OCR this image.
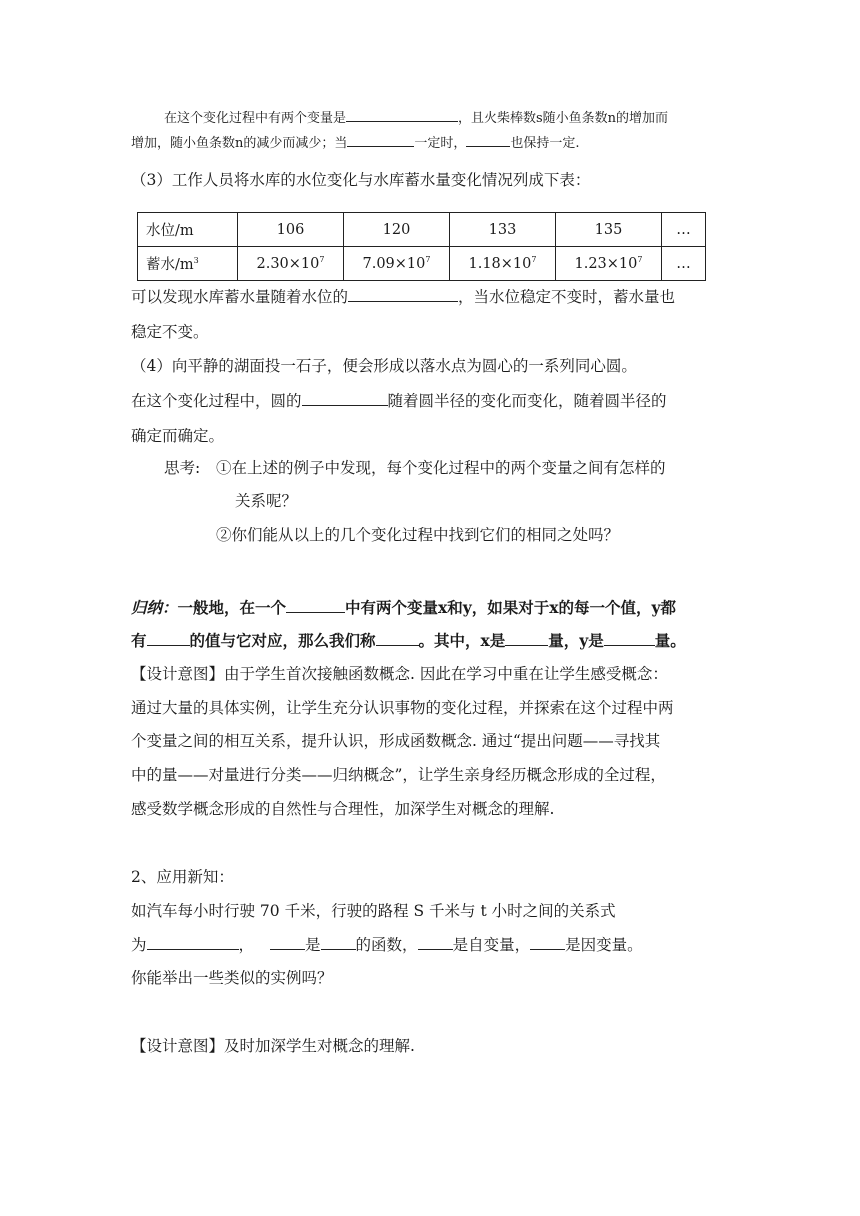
在这个变化过程中有两个变量是	，且火柴棒数s随小鱼条数n的增加而
增加，随小鱼条数n的减少而减少；当	一定时，	也保持一定.
（3）工作人员将水库的水位变化与水库蓄水量变化情况列成下表：
水位/m	106	120	133	135	…
蓄水$/m^3$	$2.30\times 10^7$	$7.09\times 10^7$	$1.18\times 10^7$	$1.23\times 10^7$	…
可以发现水库蓄水量随着水位的	，当水位稳定不变时，蓄水量也
稳定不变。
（4）向平静的湖面投一石子，便会形成以落水点为圆心的一系列同心圆。
在这个变化过程中，圆的	随着圆半径的变化而变化，随着圆半径的
确定而确定。
思考: ①在上述的例子中发现，每个变化过程中的两个变量之间有怎样的
关系呢？
②你们能从以上的几个变化过程中找到它们的相同之处吗？
归纳：一般地，在一个	中有两个变量x和y，如果对于x的每一个值，y都
有	的值与它对应，那么我们称	。其中，x是	量，y是	量。
【设计意图】由于学生首次接触函数概念. 因此在学习中重在让学生感受概念：
通过大量的具体实例，让学生充分认识事物的变化过程，并探索在这个过程中两
个变量之间的相互关系，提升认识，形成函数概念. 通过“提出问题——寻找其
中的量——对量进行分类——归纳概念”，让学生亲身经历概念形成的全过程，
感受数学概念形成的自然性与合理性，加深学生对概念的理解.
2、应用新知：
如汽车每小时行驶 70 千米，行驶的路程 S 千米与 t 小时之间的关系式
为	，	是 的函数， 是自变量， 是因变量。
你能举出一些类似的实例吗？
【设计意图】及时加深学生对概念的理解.
